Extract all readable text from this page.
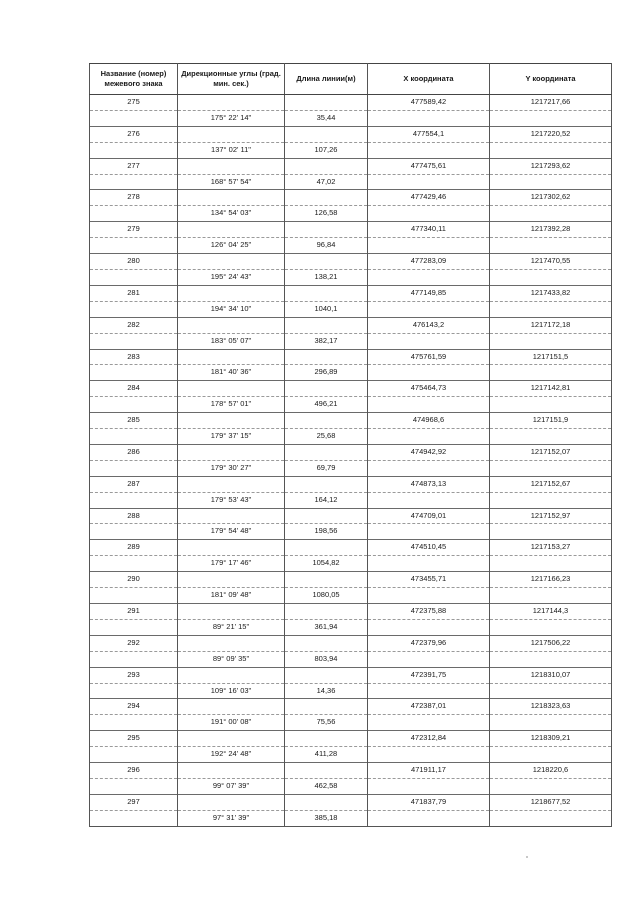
Название (номер) межевого знака	Дирекционные углы (град. мин. сек.)	Длина линии(м)	X координата	Y координата
275			477589,42	1217217,66
	175° 22' 14"	35,44		
276			477554,1	1217220,52
	137° 02' 11"	107,26		
277			477475,61	1217293,62
	168° 57' 54"	47,02		
278			477429,46	1217302,62
	134° 54' 03"	126,58		
279			477340,11	1217392,28
	126° 04' 25"	96,84		
280			477283,09	1217470,55
	195° 24' 43"	138,21		
281			477149,85	1217433,82
	194° 34' 10"	1040,1		
282			476143,2	1217172,18
	183° 05' 07"	382,17		
283			475761,59	1217151,5
	181° 40' 36"	296,89		
284			475464,73	1217142,81
	178° 57' 01"	496,21		
285			474968,6	1217151,9
	179° 37' 15"	25,68		
286			474942,92	1217152,07
	179° 30' 27"	69,79		
287			474873,13	1217152,67
	179° 53' 43"	164,12		
288			474709,01	1217152,97
	179° 54' 48"	198,56		
289			474510,45	1217153,27
	179° 17' 46"	1054,82		
290			473455,71	1217166,23
	181° 09' 48"	1080,05		
291			472375,88	1217144,3
	89° 21' 15"	361,94		
292			472379,96	1217506,22
	89° 09' 35"	803,94		
293			472391,75	1218310,07
	109° 16' 03"	14,36		
294			472387,01	1218323,63
	191° 00' 08"	75,56		
295			472312,84	1218309,21
	192° 24' 48"	411,28		
296			471911,17	1218220,6
	99° 07' 39"	462,58		
297			471837,79	1218677,52
	97° 31' 39"	385,18		
